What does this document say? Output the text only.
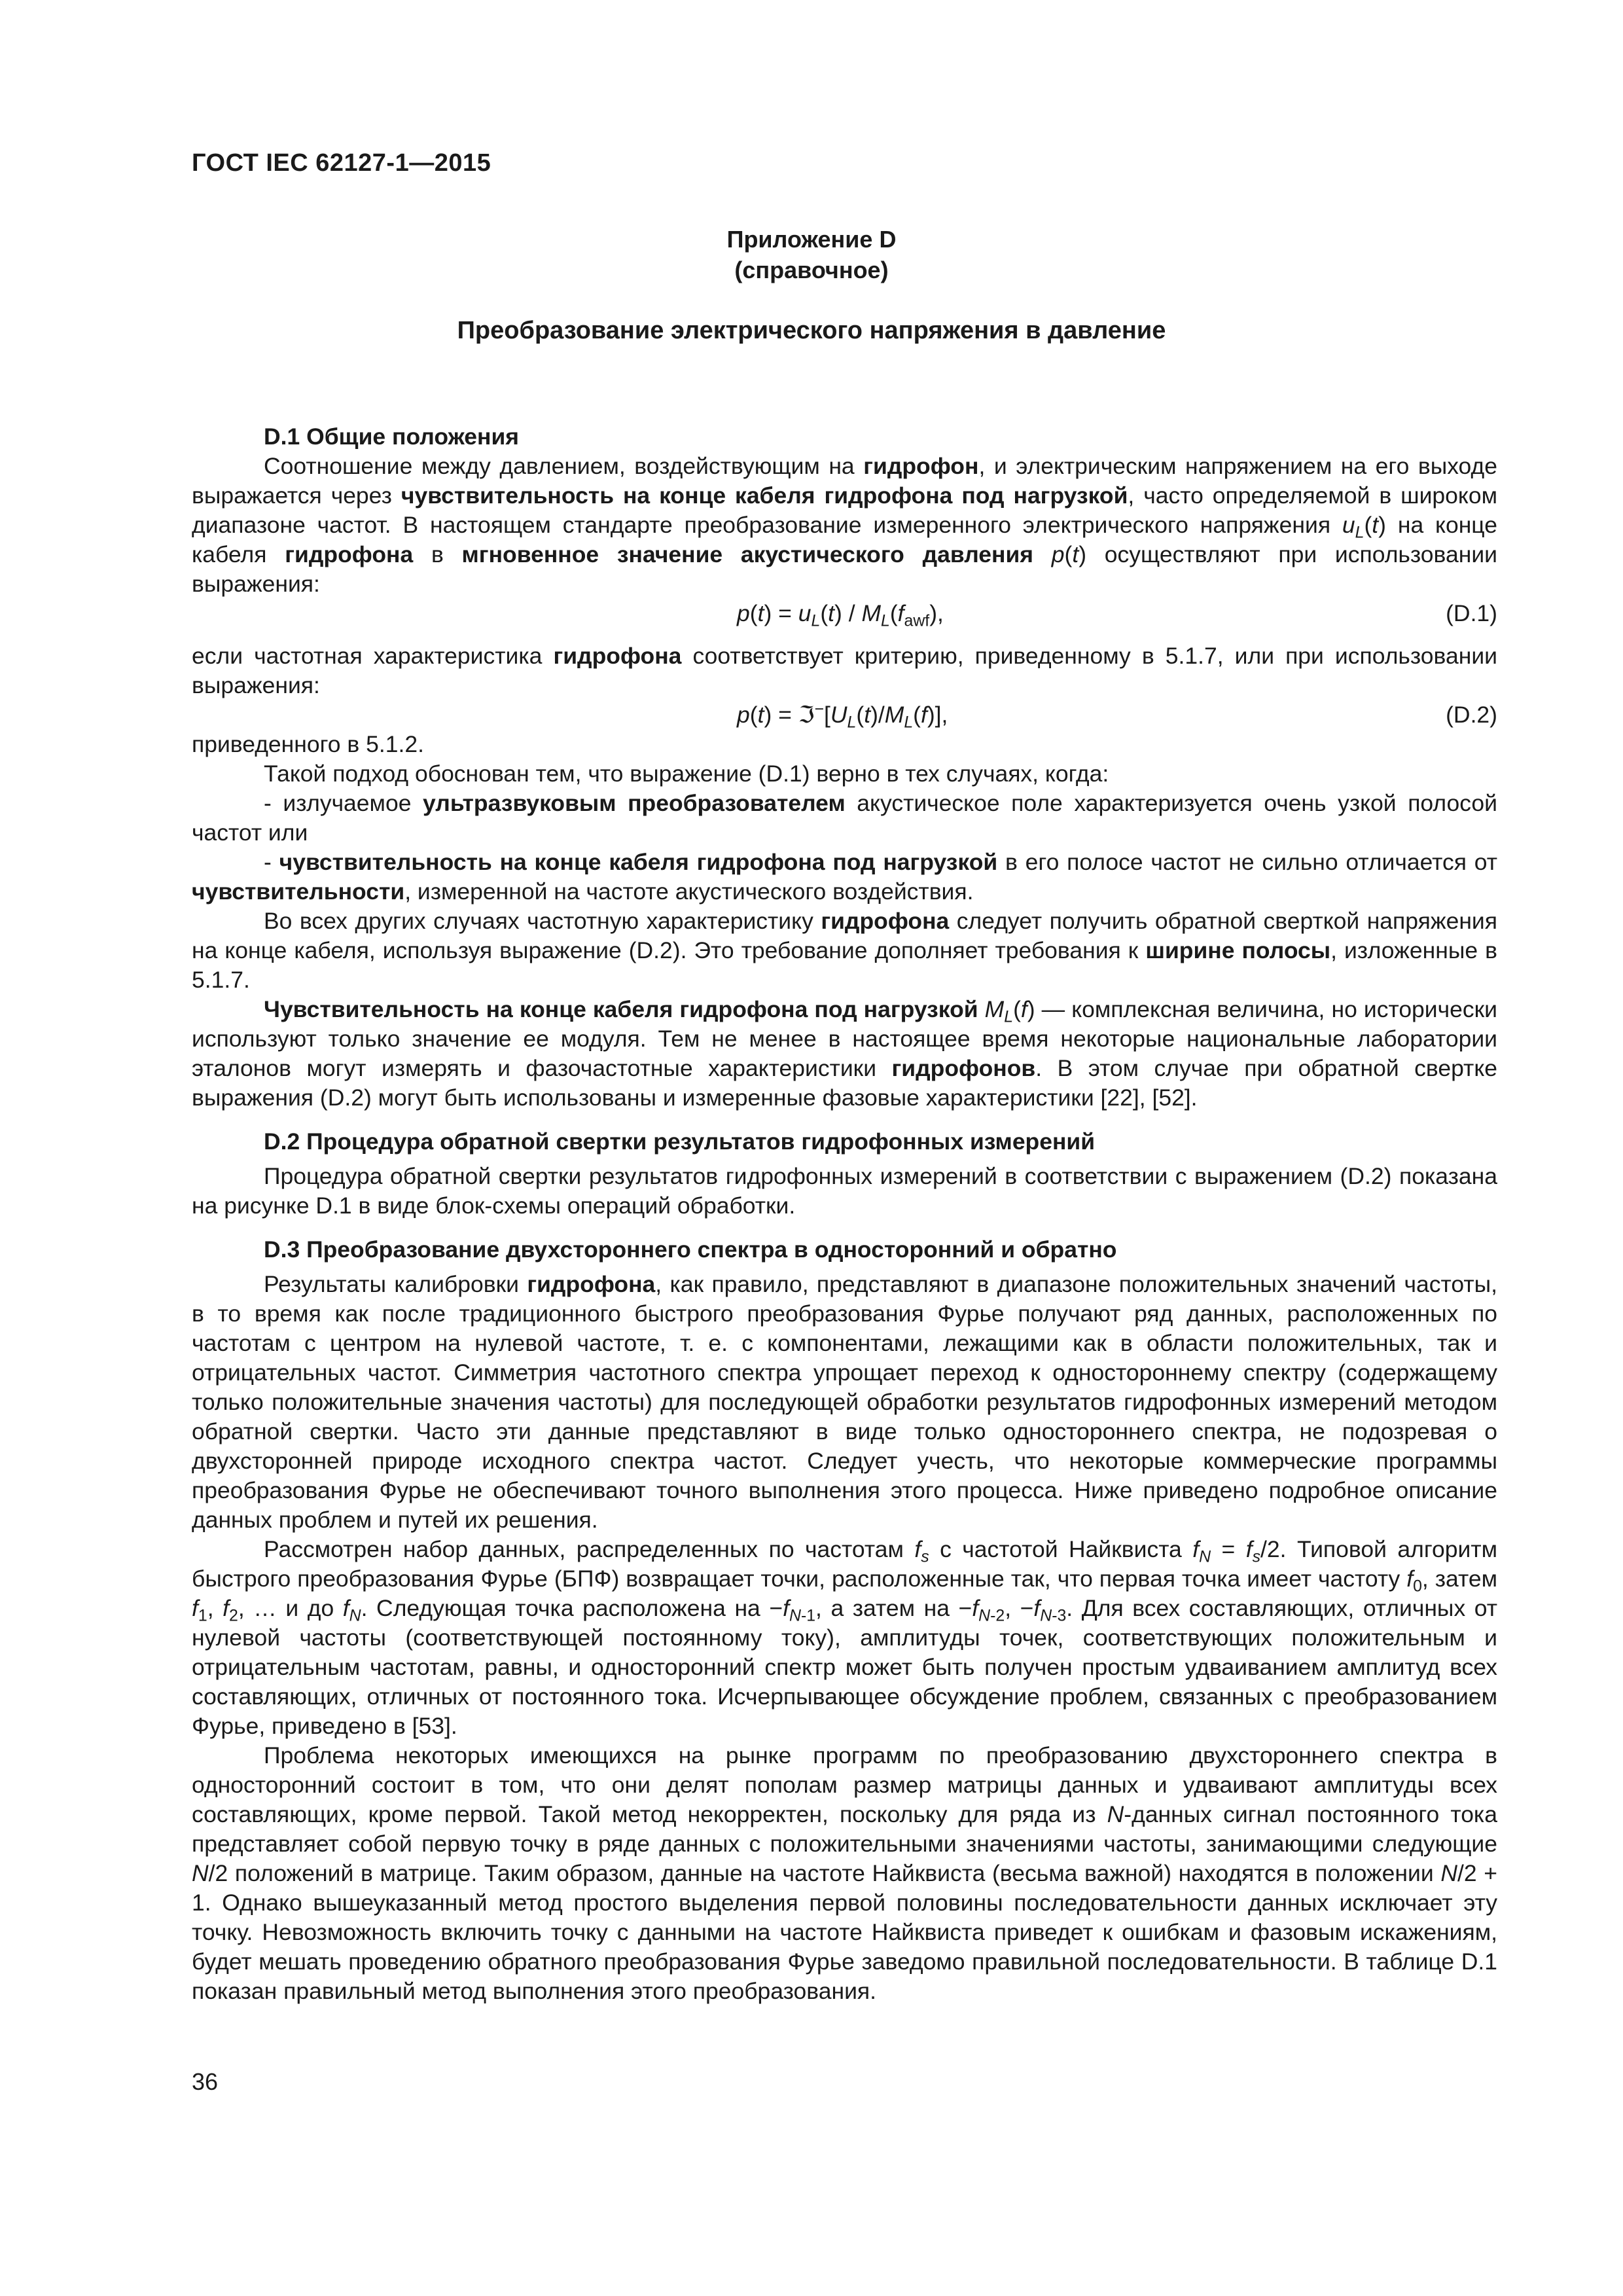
ГОСТ IEC 62127-1—2015
Приложение D
(справочное)
Преобразование электрического напряжения в давление

D.1 Общие положения

Соотношение между давлением, воздействующим на гидрофон, и электрическим напряжением на его выходе выражается через чувствительность на конце кабеля гидрофона под нагрузкой, часто определяемой в широком диапазоне частот. В настоящем стандарте преобразование измеренного электрического напряжения $u_L(t)$ на конце кабеля гидрофона в мгновенное значение акустического давления p(t) осуществляют при использовании выражения:

$p(t) = u_L(t) / M_L(f_{awf})$,	(D.1)

если частотная характеристика гидрофона соответствует критерию, приведенному в 5.1.7, или при использовании выражения:

$p(t) = ℑ^-[U_L(t)/M_L(f)]$,	(D.2)

приведенного в 5.1.2.

Такой подход обоснован тем, что выражение (D.1) верно в тех случаях, когда:

- излучаемое ультразвуковым преобразователем акустическое поле характеризуется очень узкой полосой частот или

- чувствительность на конце кабеля гидрофона под нагрузкой в его полосе частот не сильно отличается от чувствительности, измеренной на частоте акустического воздействия.

Во всех других случаях частотную характеристику гидрофона следует получить обратной сверткой напряжения на конце кабеля, используя выражение (D.2). Это требование дополняет требования к ширине полосы, изложенные в 5.1.7.

Чувствительность на конце кабеля гидрофона под нагрузкой $M_L(f)$ — комплексная величина, но исторически используют только значение ее модуля. Тем не менее в настоящее время некоторые национальные лаборатории эталонов могут измерять и фазочастотные характеристики гидрофонов. В этом случае при обратной свертке выражения (D.2) могут быть использованы и измеренные фазовые характеристики [22], [52].

D.2 Процедура обратной свертки результатов гидрофонных измерений

Процедура обратной свертки результатов гидрофонных измерений в соответствии с выражением (D.2) показана на рисунке D.1 в виде блок-схемы операций обработки.

D.3 Преобразование двухстороннего спектра в односторонний и обратно

Результаты калибровки гидрофона, как правило, представляют в диапазоне положительных значений частоты, в то время как после традиционного быстрого преобразования Фурье получают ряд данных, расположенных по частотам с центром на нулевой частоте, т. е. с компонентами, лежащими как в области положительных, так и отрицательных частот. Симметрия частотного спектра упрощает переход к одностороннему спектру (содержащему только положительные значения частоты) для последующей обработки результатов гидрофонных измерений методом обратной свертки. Часто эти данные представляют в виде только одностороннего спектра, не подозревая о двухсторонней природе исходного спектра частот. Следует учесть, что некоторые коммерческие программы преобразования Фурье не обеспечивают точного выполнения этого процесса. Ниже приведено подробное описание данных проблем и путей их решения.

Рассмотрен набор данных, распределенных по частотам $f_s$ с частотой Найквиста $f_N = f_s/2$. Типовой алгоритм быстрого преобразования Фурье (БПФ) возвращает точки, расположенные так, что первая точка имеет частоту $f_0$, затем $f_1$, $f_2$, … и до $f_N$. Следующая точка расположена на $-f_{N-1}$, а затем на $-f_{N-2}$, $-f_{N-3}$. Для всех составляющих, отличных от нулевой частоты (соответствующей постоянному току), амплитуды точек, соответствующих положительным и отрицательным частотам, равны, и односторонний спектр может быть получен простым удваиванием амплитуд всех составляющих, отличных от постоянного тока. Исчерпывающее обсуждение проблем, связанных с преобразованием Фурье, приведено в [53].

Проблема некоторых имеющихся на рынке программ по преобразованию двухстороннего спектра в односторонний состоит в том, что они делят пополам размер матрицы данных и удваивают амплитуды всех составляющих, кроме первой. Такой метод некорректен, поскольку для ряда из N-данных сигнал постоянного тока представляет собой первую точку в ряде данных с положительными значениями частоты, занимающими следующие N/2 положений в матрице. Таким образом, данные на частоте Найквиста (весьма важной) находятся в положении N/2 + 1. Однако вышеуказанный метод простого выделения первой половины последовательности данных исключает эту точку. Невозможность включить точку с данными на частоте Найквиста приведет к ошибкам и фазовым искажениям, будет мешать проведению обратного преобразования Фурье заведомо правильной последовательности. В таблице D.1 показан правильный метод выполнения этого преобразования.

36
